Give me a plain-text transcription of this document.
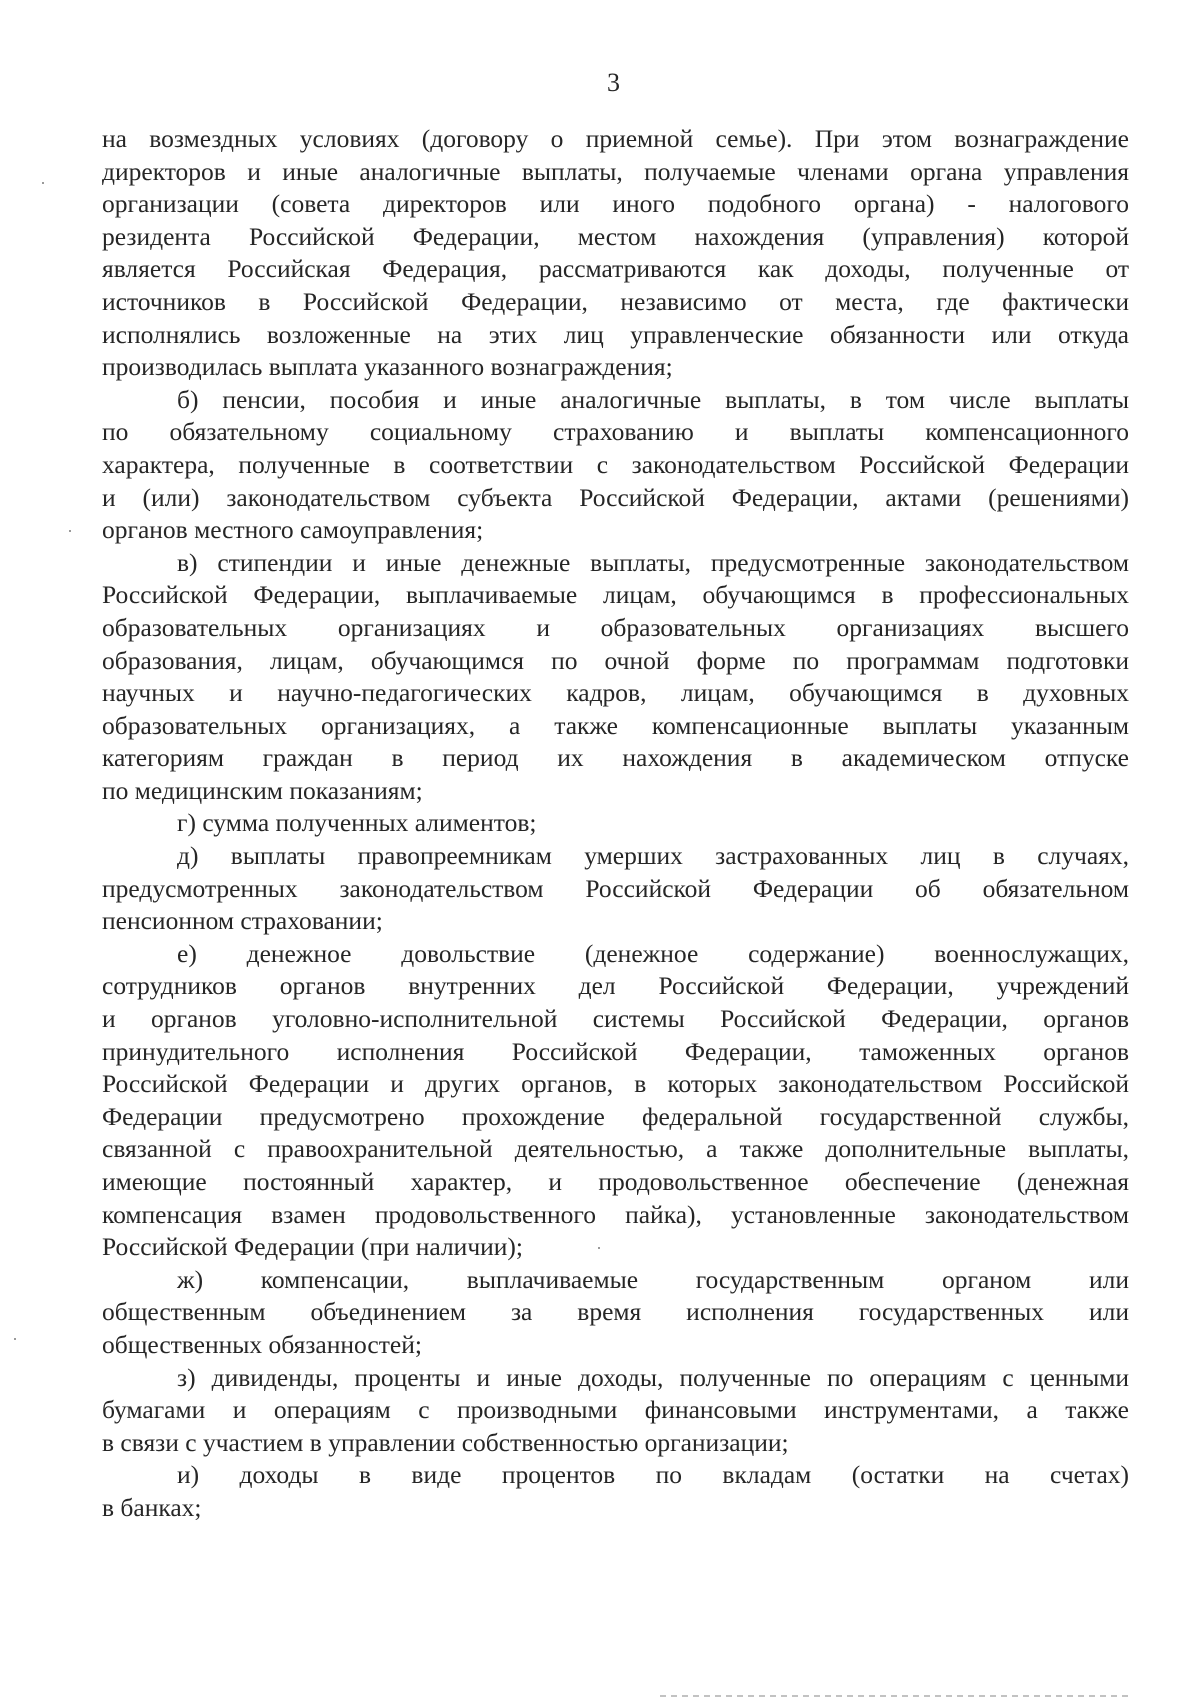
3
на возмездных условиях (договору о приемной семье). При этом вознаграждение
директоров и иные аналогичные выплаты, получаемые членами органа управления
организации (совета директоров или иного подобного органа) - налогового
резидента Российской Федерации, местом нахождения (управления) которой
является Российская Федерация, рассматриваются как доходы, полученные от
источников в Российской Федерации, независимо от места, где фактически
исполнялись возложенные на этих лиц управленческие обязанности или откуда
производилась выплата указанного вознаграждения;
б) пенсии, пособия и иные аналогичные выплаты, в том числе выплаты
по обязательному социальному страхованию и выплаты компенсационного
характера, полученные в соответствии с законодательством Российской Федерации
и (или) законодательством субъекта Российской Федерации, актами (решениями)
органов местного самоуправления;
в) стипендии и иные денежные выплаты, предусмотренные законодательством
Российской Федерации, выплачиваемые лицам, обучающимся в профессиональных
образовательных организациях и образовательных организациях высшего
образования, лицам, обучающимся по очной форме по программам подготовки
научных и научно-педагогических кадров, лицам, обучающимся в духовных
образовательных организациях, а также компенсационные выплаты указанным
категориям граждан в период их нахождения в академическом отпуске
по медицинским показаниям;
г) сумма полученных алиментов;
д) выплаты правопреемникам умерших застрахованных лиц в случаях,
предусмотренных законодательством Российской Федерации об обязательном
пенсионном страховании;
е) денежное довольствие (денежное содержание) военнослужащих,
сотрудников органов внутренних дел Российской Федерации, учреждений
и органов уголовно-исполнительной системы Российской Федерации, органов
принудительного исполнения Российской Федерации, таможенных органов
Российской Федерации и других органов, в которых законодательством Российской
Федерации предусмотрено прохождение федеральной государственной службы,
связанной с правоохранительной деятельностью, а также дополнительные выплаты,
имеющие постоянный характер, и продовольственное обеспечение (денежная
компенсация взамен продовольственного пайка), установленные законодательством
Российской Федерации (при наличии);
ж) компенсации, выплачиваемые государственным органом или
общественным объединением за время исполнения государственных или
общественных обязанностей;
з) дивиденды, проценты и иные доходы, полученные по операциям с ценными
бумагами и операциям с производными финансовыми инструментами, а также
в связи с участием в управлении собственностью организации;
и) доходы в виде процентов по вкладам (остатки на счетах)
в банках;
